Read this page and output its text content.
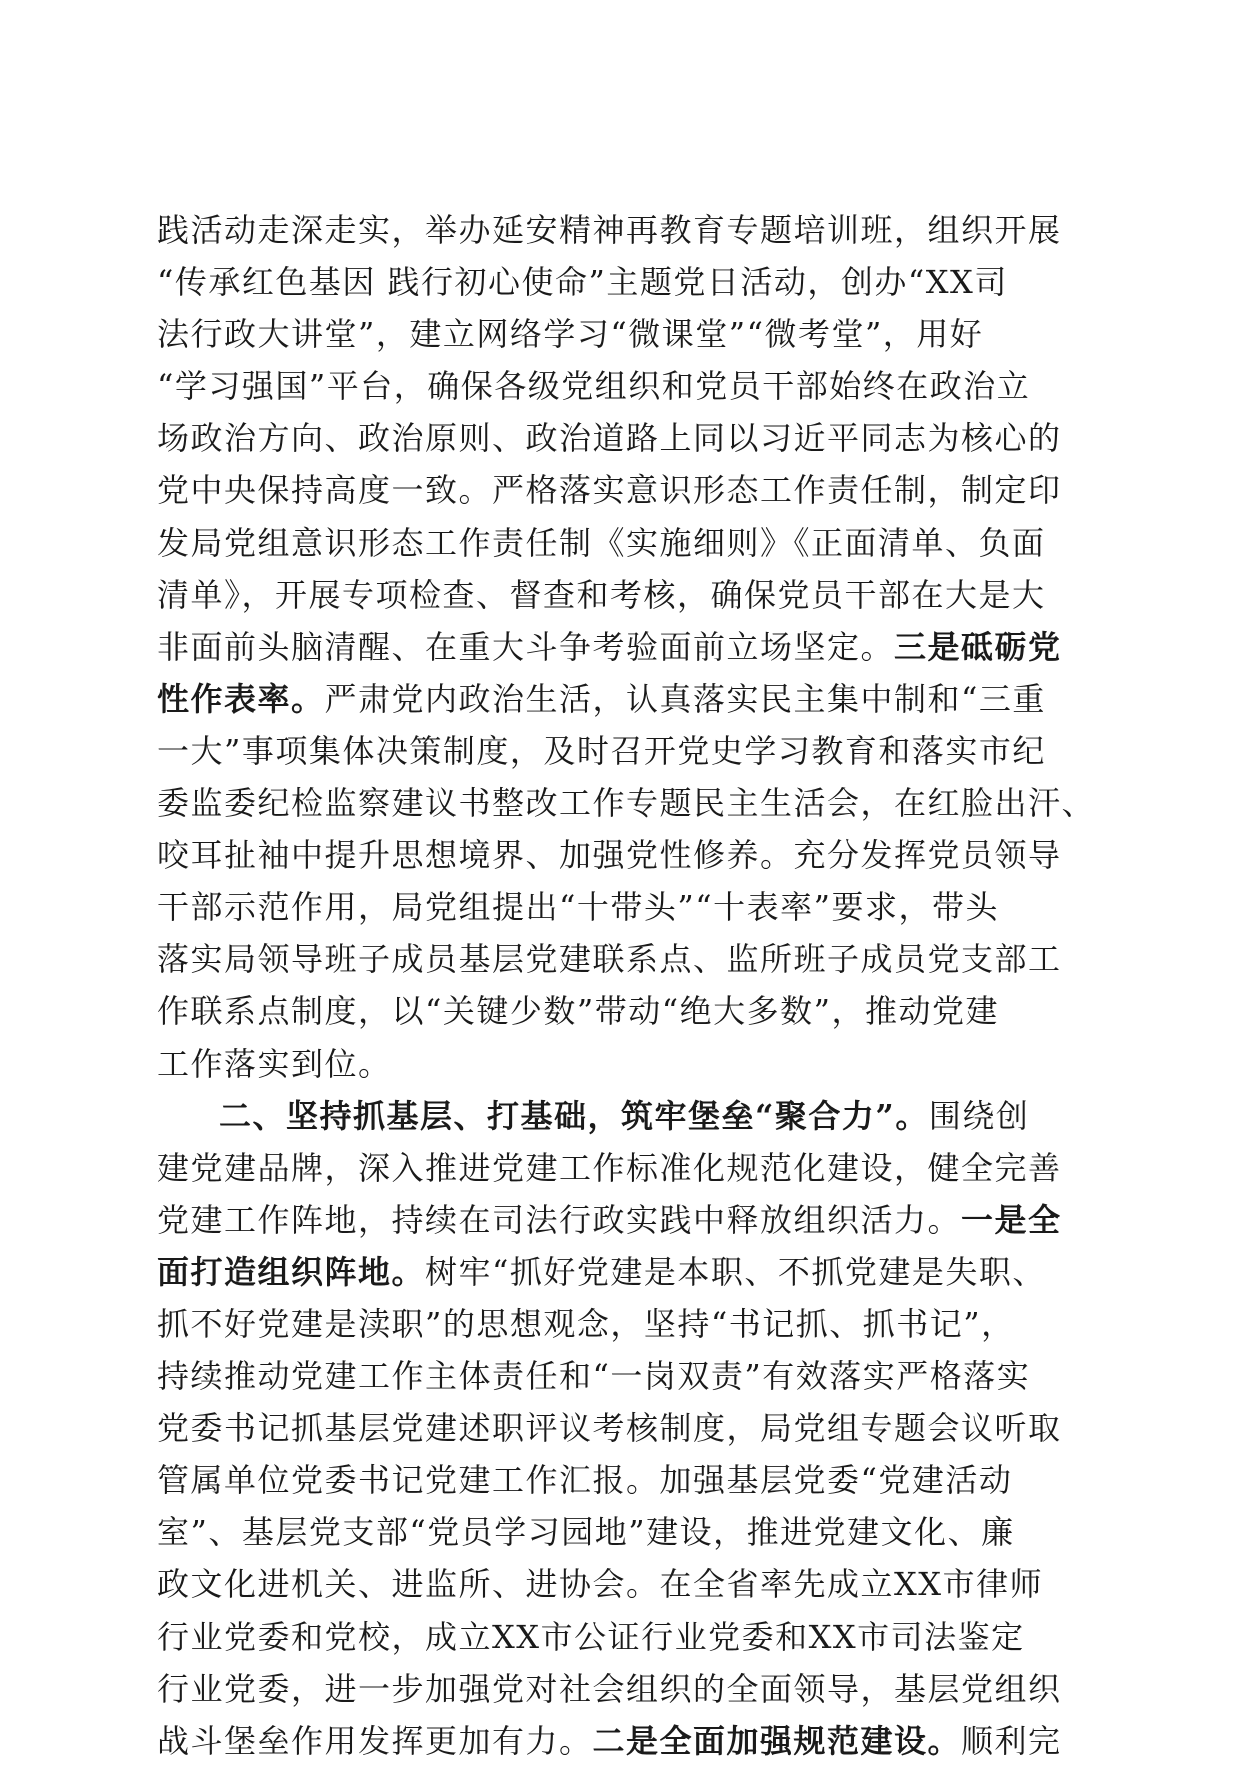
践活动走深走实，举办延安精神再教育专题培训班，组织开展
“传承红色基因 践行初心使命”主题党日活动，创办“XX司
法行政大讲堂”，建立网络学习“微课堂”“微考堂”，用好
“学习强国”平台，确保各级党组织和党员干部始终在政治立
场政治方向、政治原则、政治道路上同以习近平同志为核心的
党中央保持高度一致。严格落实意识形态工作责任制，制定印
发局党组意识形态工作责任制《实施细则》《正面清单、负面
清单》，开展专项检查、督查和考核，确保党员干部在大是大
非面前头脑清醒、在重大斗争考验面前立场坚定。三是砥砺党
性作表率。严肃党内政治生活，认真落实民主集中制和“三重
一大”事项集体决策制度，及时召开党史学习教育和落实市纪
委监委纪检监察建议书整改工作专题民主生活会，在红脸出汗、
咬耳扯袖中提升思想境界、加强党性修养。充分发挥党员领导
干部示范作用，局党组提出“十带头”“十表率”要求，带头
落实局领导班子成员基层党建联系点、监所班子成员党支部工
作联系点制度，以“关键少数”带动“绝大多数”，推动党建
工作落实到位。
二、坚持抓基层、打基础，筑牢堡垒“聚合力”。围绕创
建党建品牌，深入推进党建工作标准化规范化建设，健全完善
党建工作阵地，持续在司法行政实践中释放组织活力。一是全
面打造组织阵地。树牢“抓好党建是本职、不抓党建是失职、
抓不好党建是渎职”的思想观念，坚持“书记抓、抓书记”，
持续推动党建工作主体责任和“一岗双责”有效落实严格落实
党委书记抓基层党建述职评议考核制度，局党组专题会议听取
管属单位党委书记党建工作汇报。加强基层党委“党建活动
室”、基层党支部“党员学习园地”建设，推进党建文化、廉
政文化进机关、进监所、进协会。在全省率先成立XX市律师
行业党委和党校，成立XX市公证行业党委和XX市司法鉴定
行业党委，进一步加强党对社会组织的全面领导，基层党组织
战斗堡垒作用发挥更加有力。二是全面加强规范建设。顺利完
